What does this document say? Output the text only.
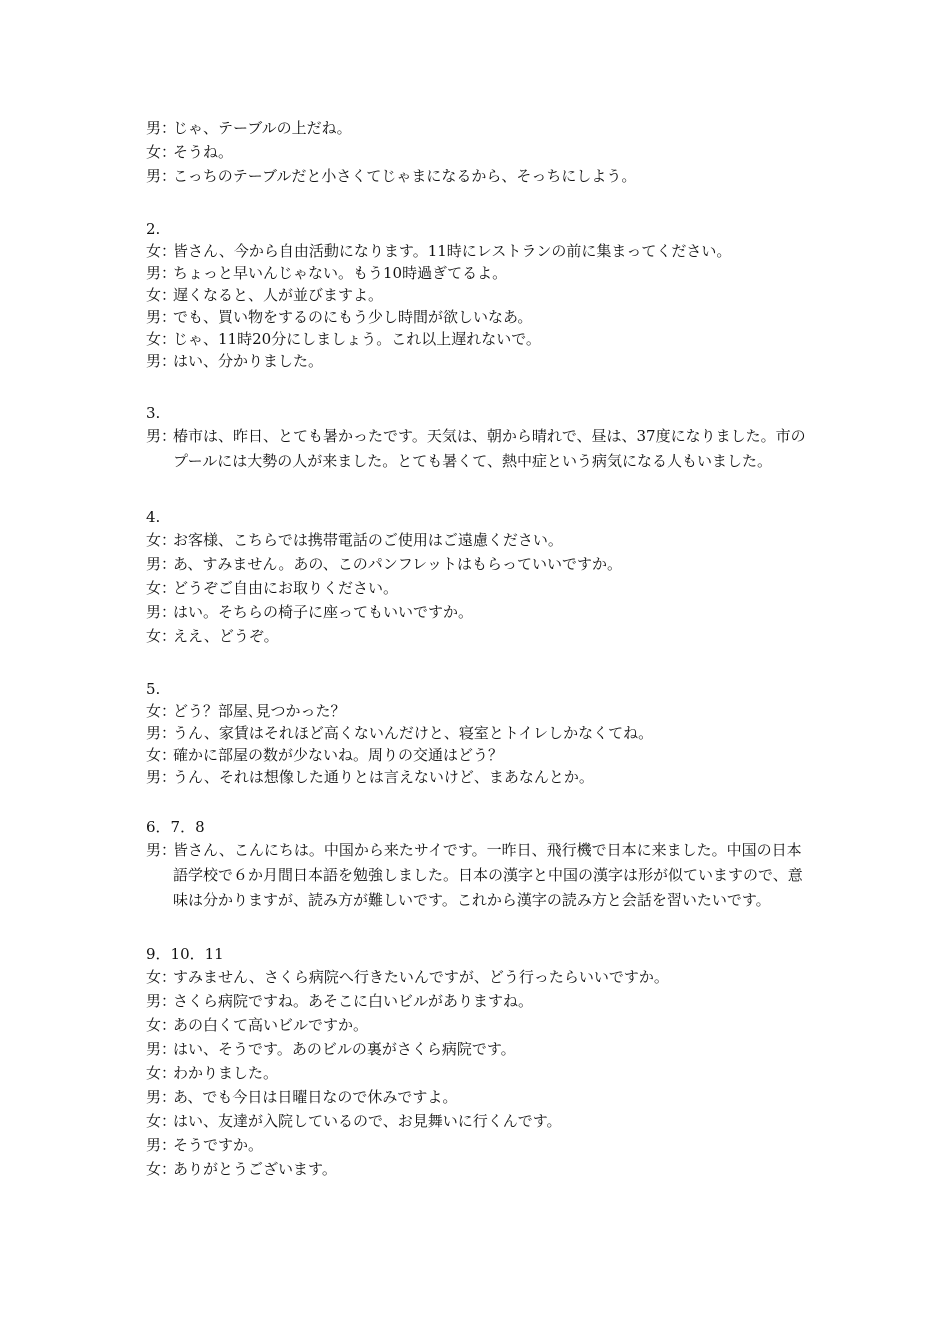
男 ：
じゃ、テーブルの上だね。
女 ：
そうね。
男 ：
こっちのテーブルだと小さくてじゃまになるから、そっちにしよう。
2.
女 ：
皆さん、今から自由活動になります。11時にレストランの前に集まってください。
男 ：
ちょっと早いんじゃない。もう10時過ぎてるよ。
女 ：
遅くなると、人が並びますよ。
男 ：
でも、買い物をするのにもう少し時間が欲しいなあ。
女 ：
じゃ、11時20分にしましょう。これ以上遅れないで。
男 ：
はい、分かりました。
3.
男 ：
椿市は、昨日、とても暑かったです。天気は、朝から晴れで、昼は、37度になりました。市のプールには大勢の人が来ました。とても暑くて、熱中症という病気になる人もいました。
4.
女 ：
お客様、こちらでは携帯電話のご使用はご遠慮ください。
男 ：
あ、すみません。あの、このパンフレットはもらっていいですか。
女 ：
どうぞご自由にお取りください。
男 ：
はい。そちらの椅子に座ってもいいですか。
女 ：
ええ、どうぞ。
5.
女 ：
どう？部屋､見つかった？
男 ：
うん、家賃はそれほど高くないんだけと、寝室とトイレしかなくてね。
女 ：
確かに部屋の数が少ないね。周りの交通はどう？
男 ：
うん、それは想像した通りとは言えないけど、まあなんとか。
6．7．8
男 ：
皆さん、こんにちは。中国から来たサイです。一昨日、飛行機で日本に来ました。中国の日本語学校で６か月間日本語を勉強しました。日本の漢字と中国の漢字は形が似ていますので、意味は分かりますが、読み方が難しいです。これから漢字の読み方と会話を習いたいです。
9．10．11
女 ：
すみません、さくら病院へ行きたいんですが、どう行ったらいいですか。
男 ：
さくら病院ですね。あそこに白いビルがありますね。
女 ：
あの白くて高いビルですか。
男 ：
はい、そうです。あのビルの裏がさくら病院です。
女 ：
わかりました。
男 ：
あ、でも今日は日曜日なので休みですよ。
女 ：
はい、友達が入院しているので、お見舞いに行くんです。
男 ：
そうですか。
女 ：
ありがとうございます。
